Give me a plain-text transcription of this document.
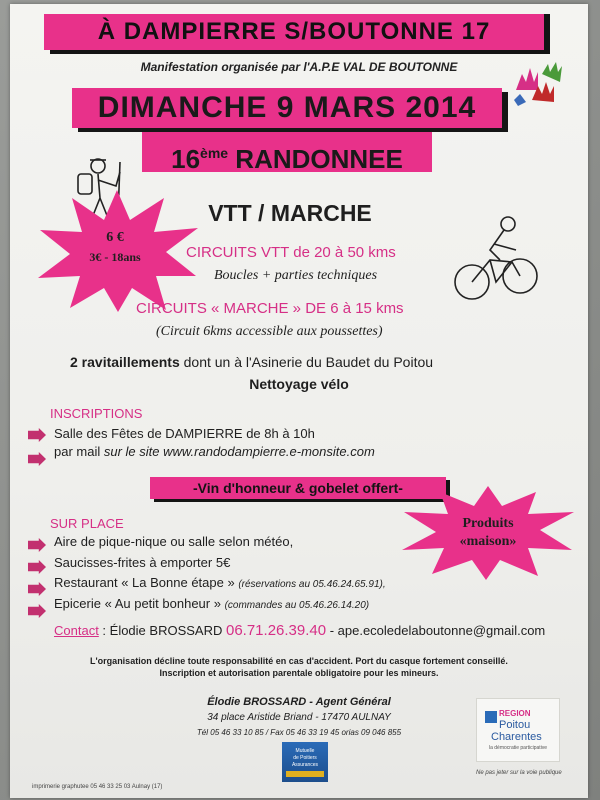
À DAMPIERRE S/BOUTONNE 17
Manifestation organisée par l'A.P.E VAL DE BOUTONNE
DIMANCHE 9 MARS 2014
16ème RANDONNEE
6 €
3€ - 18ans
VTT / MARCHE
CIRCUITS VTT de 20 à 50 kms
Boucles + parties techniques
CIRCUITS « MARCHE » DE 6 à 15 kms
(Circuit 6kms accessible aux poussettes)
2 ravitaillements dont un à l'Asinerie du Baudet du Poitou
Nettoyage vélo
INSCRIPTIONS
Salle des Fêtes de DAMPIERRE de 8h à 10h
par mail sur le site www.randodampierre.e-monsite.com
-Vin d'honneur & gobelet offert-
Produits
«maison»
SUR PLACE
Aire de pique-nique ou salle selon météo,
Saucisses-frites à emporter 5€
Restaurant « La Bonne étape » (réservations au 05.46.24.65.91),
Epicerie « Au petit bonheur » (commandes au 05.46.26.14.20)
Contact : Élodie BROSSARD 06.71.26.39.40 - ape.ecoledelaboutonne@gmail.com
L'organisation décline toute responsabilité en cas d'accident. Port du casque fortement conseillé.
Inscription et autorisation parentale obligatoire pour les mineurs.
Élodie BROSSARD - Agent Général
34 place Aristide Briand - 17470 AULNAY
Tél 05 46 33 10 85 / Fax 05 46 33 19 45 orias 09 046 855
Mutuelle
de Poitiers
Assurances
REGION
Poitou
Charentes
la démocratie participative
imprimerie graphutee 05 46 33 25 03 Aulnay (17)
Ne pas jeter sur la voie publique
